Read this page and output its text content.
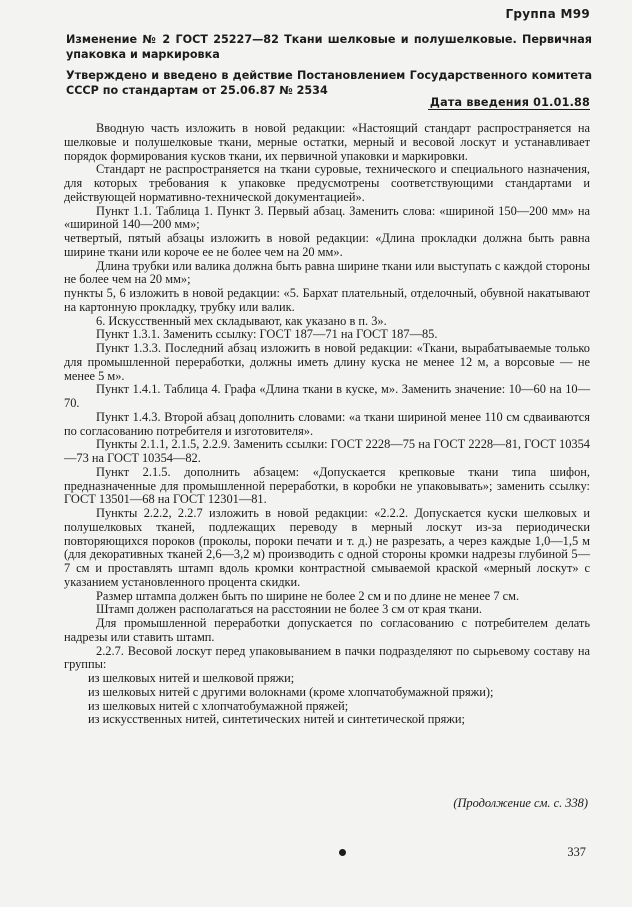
Группа М99
Изменение № 2 ГОСТ 25227—82 Ткани шелковые и полушелковые. Первичная упаковка и маркировка
Утверждено и введено в действие Постановлением Государственного комитета СССР по стандартам от 25.06.87 № 2534
Дата введения 01.01.88

Вводную часть изложить в новой редакции: «Настоящий стандарт распространяется на шелковые и полушелковые ткани, мерные остатки, мерный и весовой лоскут и устанавливает порядок формирования кусков ткани, их первичной упаковки и маркировки.

Стандарт не распространяется на ткани суровые, технического и специального назначения, для которых требования к упаковке предусмотрены соответствующими стандартами и действующей нормативно-технической документацией».

Пункт 1.1. Таблица 1. Пункт 3. Первый абзац. Заменить слова: «шириной 150—200 мм» на «шириной 140—200 мм»;

четвертый, пятый абзацы изложить в новой редакции: «Длина прокладки должна быть равна ширине ткани или короче ее не более чем на 20 мм».

Длина трубки или валика должна быть равна ширине ткани или выступать с каждой стороны не более чем на 20 мм»;

пункты 5, 6 изложить в новой редакции: «5. Бархат плательный, отделочный, обувной накатывают на картонную прокладку, трубку или валик.

6. Искусственный мех складывают, как указано в п. 3».

Пункт 1.3.1. Заменить ссылку: ГОСТ 187—71 на ГОСТ 187—85.

Пункт 1.3.3. Последний абзац изложить в новой редакции: «Ткани, вырабатываемые только для промышленной переработки, должны иметь длину куска не менее 12 м, а ворсовые — не менее 5 м».

Пункт 1.4.1. Таблица 4. Графа «Длина ткани в куске, м». Заменить значение: 10—60 на 10—70.

Пункт 1.4.3. Второй абзац дополнить словами: «а ткани шириной менее 110 см сдваиваются по согласованию потребителя и изготовителя».

Пункты 2.1.1, 2.1.5, 2.2.9. Заменить ссылки: ГОСТ 2228—75 на ГОСТ 2228—81, ГОСТ 10354—73 на ГОСТ 10354—82.

Пункт 2.1.5. дополнить абзацем: «Допускается крепковые ткани типа шифон, предназначенные для промышленной переработки, в коробки не упаковывать»; заменить ссылку: ГОСТ 13501—68 на ГОСТ 12301—81.

Пункты 2.2.2, 2.2.7 изложить в новой редакции: «2.2.2. Допускается куски шелковых и полушелковых тканей, подлежащих переводу в мерный лоскут из-за периодически повторяющихся пороков (проколы, пороки печати и т. д.) не разрезать, а через каждые 1,0—1,5 м (для декоративных тканей 2,6—3,2 м) производить с одной стороны кромки надрезы глубиной 5—7 см и проставлять штамп вдоль кромки контрастной смываемой краской «мерный лоскут» с указанием установленного процента скидки.

Размер штампа должен быть по ширине не более 2 см и по длине не менее 7 см.

Штамп должен располагаться на расстоянии не более 3 см от края ткани.

Для промышленной переработки допускается по согласованию с потребителем делать надрезы или ставить штамп.

2.2.7. Весовой лоскут перед упаковыванием в пачки подразделяют по сырьевому составу на группы:

из шелковых нитей и шелковой пряжи;

из шелковых нитей с другими волокнами (кроме хлопчатобумажной пряжи);

из шелковых нитей с хлопчатобумажной пряжей;

из искусственных нитей, синтетических нитей и синтетической пряжи;

(Продолжение см. с. 338)
337
